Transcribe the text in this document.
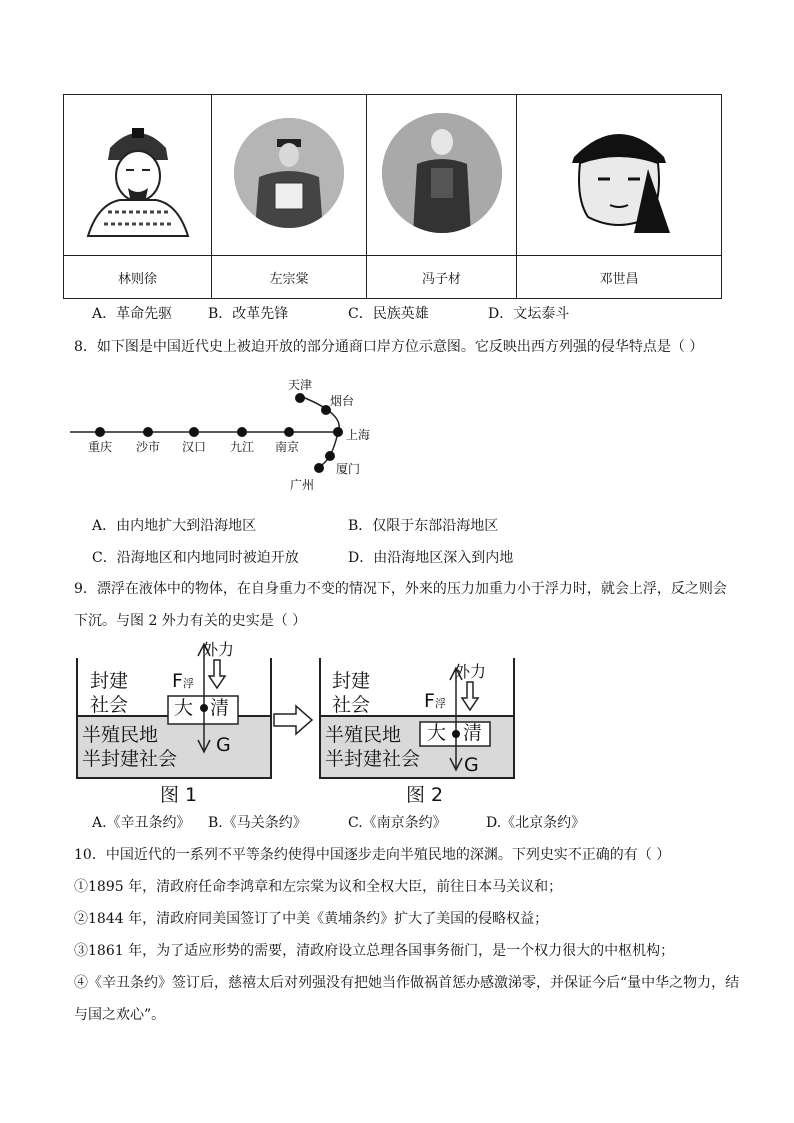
林则徐	左宗棠	冯子材	邓世昌
A．革命先驱	B．改革先锋	C．民族英雄	D．文坛泰斗
8．如下图是中国近代史上被迫开放的部分通商口岸方位示意图。它反映出西方列强的侵华特点是（ ）
重庆 沙市 汉口 九江 南京
天津
烟台
上海
厦门
广州
A．由内地扩大到沿海地区	B．仅限于东部沿海地区
C．沿海地区和内地同时被迫开放	D．由沿海地区深入到内地
9．漂浮在液体中的物体，在自身重力不变的情况下，外来的压力加重力小于浮力时，就会上浮，反之则会
下沉。与图 2 外力有关的史实是（ ）
封建
社会
半殖民地
半封建社会
F浮
外力
大 清
G
封建
社会
半殖民地
半封建社会
F浮
外力
大 清
G
图 1	图 2
A.《辛丑条约》 B.《马关条约》	C.《南京条约》	D.《北京条约》
10．中国近代的一系列不平等条约使得中国逐步走向半殖民地的深渊。下列史实不正确的有（ ）
①1895 年，清政府任命李鸿章和左宗棠为议和全权大臣，前往日本马关议和；
②1844 年，清政府同美国签订了中美《黄埔条约》扩大了美国的侵略权益；
③1861 年，为了适应形势的需要，清政府设立总理各国事务衙门，是一个权力很大的中枢机构；
④《辛丑条约》签订后，慈禧太后对列强没有把她当作做祸首惩办感激涕零，并保证今后“量中华之物力，结
与国之欢心”。
